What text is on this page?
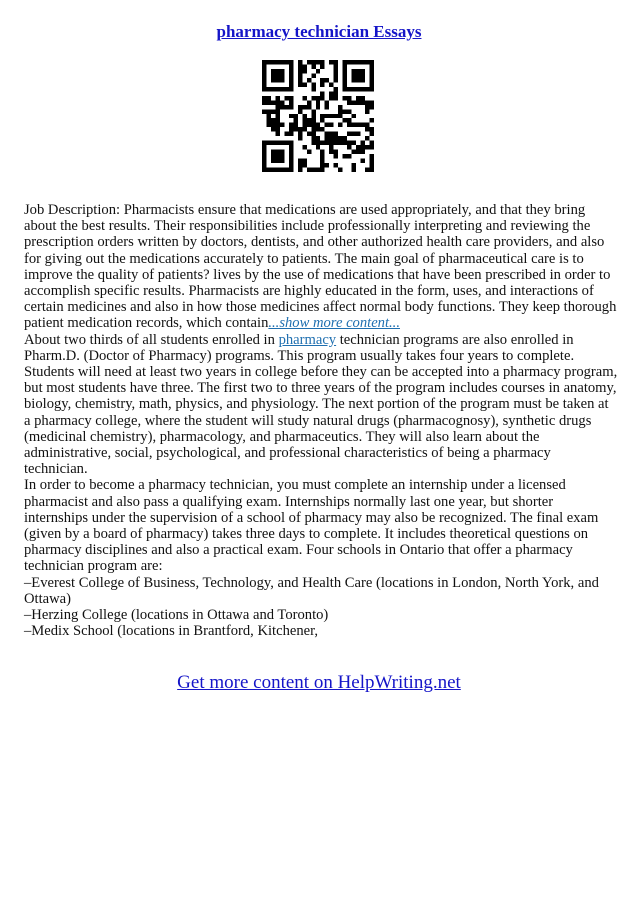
pharmacy technician Essays

Job Description: Pharmacists ensure that medications are used appropriately, and that they bring about the best results. Their responsibilities include professionally interpreting and reviewing the prescription orders written by doctors, dentists, and other authorized health care providers, and also for giving out the medications accurately to patients. The main goal of pharmaceutical care is to improve the quality of patients? lives by the use of medications that have been prescribed in order to accomplish specific results. Pharmacists are highly educated in the form, uses, and interactions of certain medicines and also in how those medicines affect normal body functions. They keep thorough patient medication records, which contain...show more content...

About two thirds of all students enrolled in pharmacy technician programs are also enrolled in Pharm.D. (Doctor of Pharmacy) programs. This program usually takes four years to complete. Students will need at least two years in college before they can be accepted into a pharmacy program, but most students have three. The first two to three years of the program includes courses in anatomy, biology, chemistry, math, physics, and physiology. The next portion of the program must be taken at a pharmacy college, where the student will study natural drugs (pharmacognosy), synthetic drugs (medicinal chemistry), pharmacology, and pharmaceutics. They will also learn about the administrative, social, psychological, and professional characteristics of being a pharmacy technician.

In order to become a pharmacy technician, you must complete an internship under a licensed pharmacist and also pass a qualifying exam. Internships normally last one year, but shorter internships under the supervision of a school of pharmacy may also be recognized. The final exam (given by a board of pharmacy) takes three days to complete. It includes theoretical questions on pharmacy disciplines and also a practical exam. Four schools in Ontario that offer a pharmacy technician program are:

–Everest College of Business, Technology, and Health Care (locations in London, North York, and Ottawa)

–Herzing College (locations in Ottawa and Toronto)

–Medix School (locations in Brantford, Kitchener,

Get more content on HelpWriting.net
